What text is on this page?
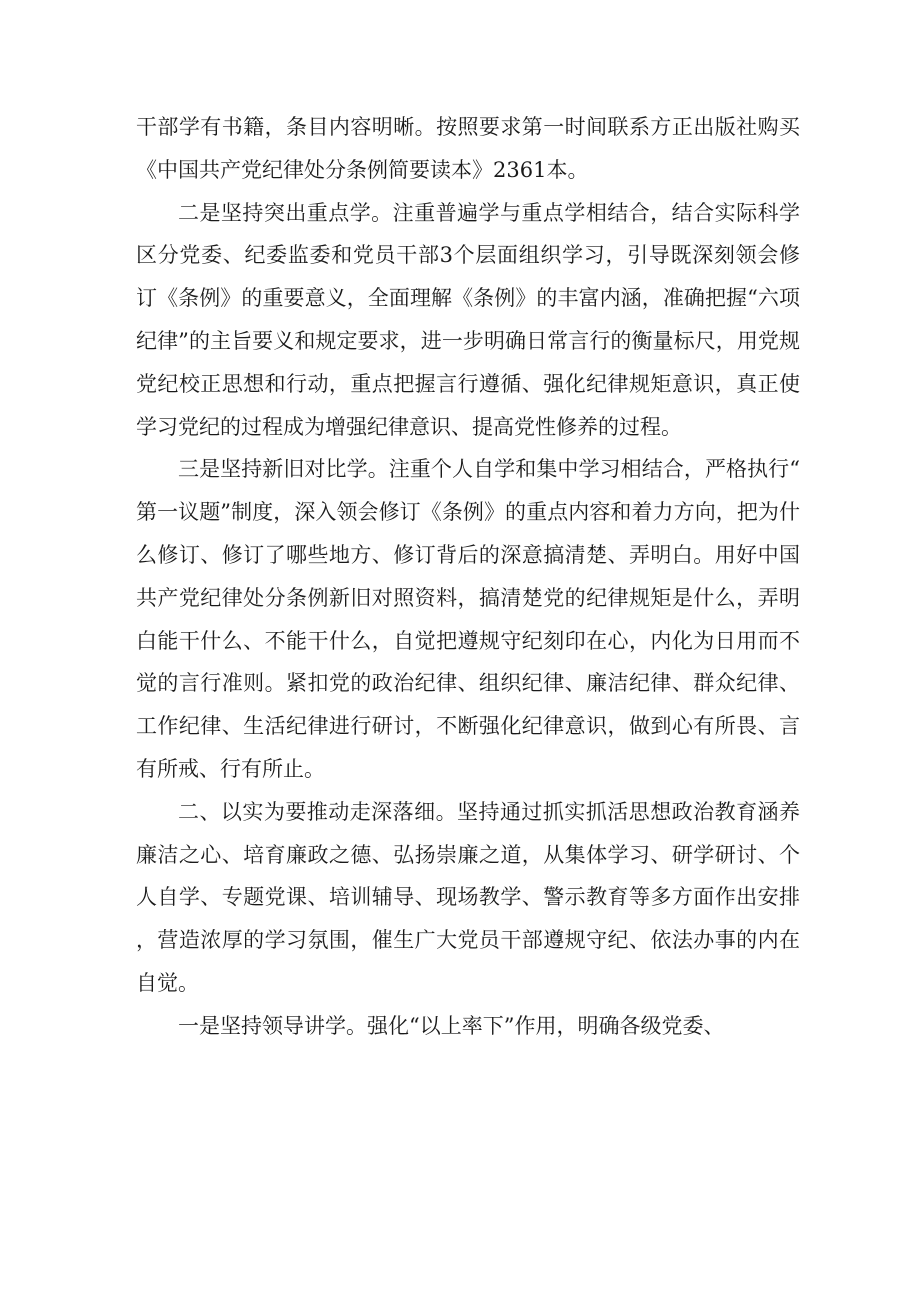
干部学有书籍，条目内容明晰。按照要求第一时间联系方正出版社购买《中国共产党纪律处分条例简要读本》2361本。

二是坚持突出重点学。注重普遍学与重点学相结合，结合实际科学区分党委、纪委监委和党员干部3个层面组织学习，引导既深刻领会修订《条例》的重要意义，全面理解《条例》的丰富内涵，准确把握“六项纪律”的主旨要义和规定要求，进一步明确日常言行的衡量标尺，用党规党纪校正思想和行动，重点把握言行遵循、强化纪律规矩意识，真正使学习党纪的过程成为增强纪律意识、提高党性修养的过程。

三是坚持新旧对比学。注重个人自学和集中学习相结合，严格执行“第一议题”制度，深入领会修订《条例》的重点内容和着力方向，把为什么修订、修订了哪些地方、修订背后的深意搞清楚、弄明白。用好中国共产党纪律处分条例新旧对照资料，搞清楚党的纪律规矩是什么，弄明白能干什么、不能干什么，自觉把遵规守纪刻印在心，内化为日用而不觉的言行准则。紧扣党的政治纪律、组织纪律、廉洁纪律、群众纪律、工作纪律、生活纪律进行研讨，不断强化纪律意识，做到心有所畏、言有所戒、行有所止。

二、以实为要推动走深落细。坚持通过抓实抓活思想政治教育涵养廉洁之心、培育廉政之德、弘扬崇廉之道，从集体学习、研学研讨、个人自学、专题党课、培训辅导、现场教学、警示教育等多方面作出安排，营造浓厚的学习氛围，催生广大党员干部遵规守纪、依法办事的内在自觉。

一是坚持领导讲学。强化“以上率下”作用，明确各级党委、
